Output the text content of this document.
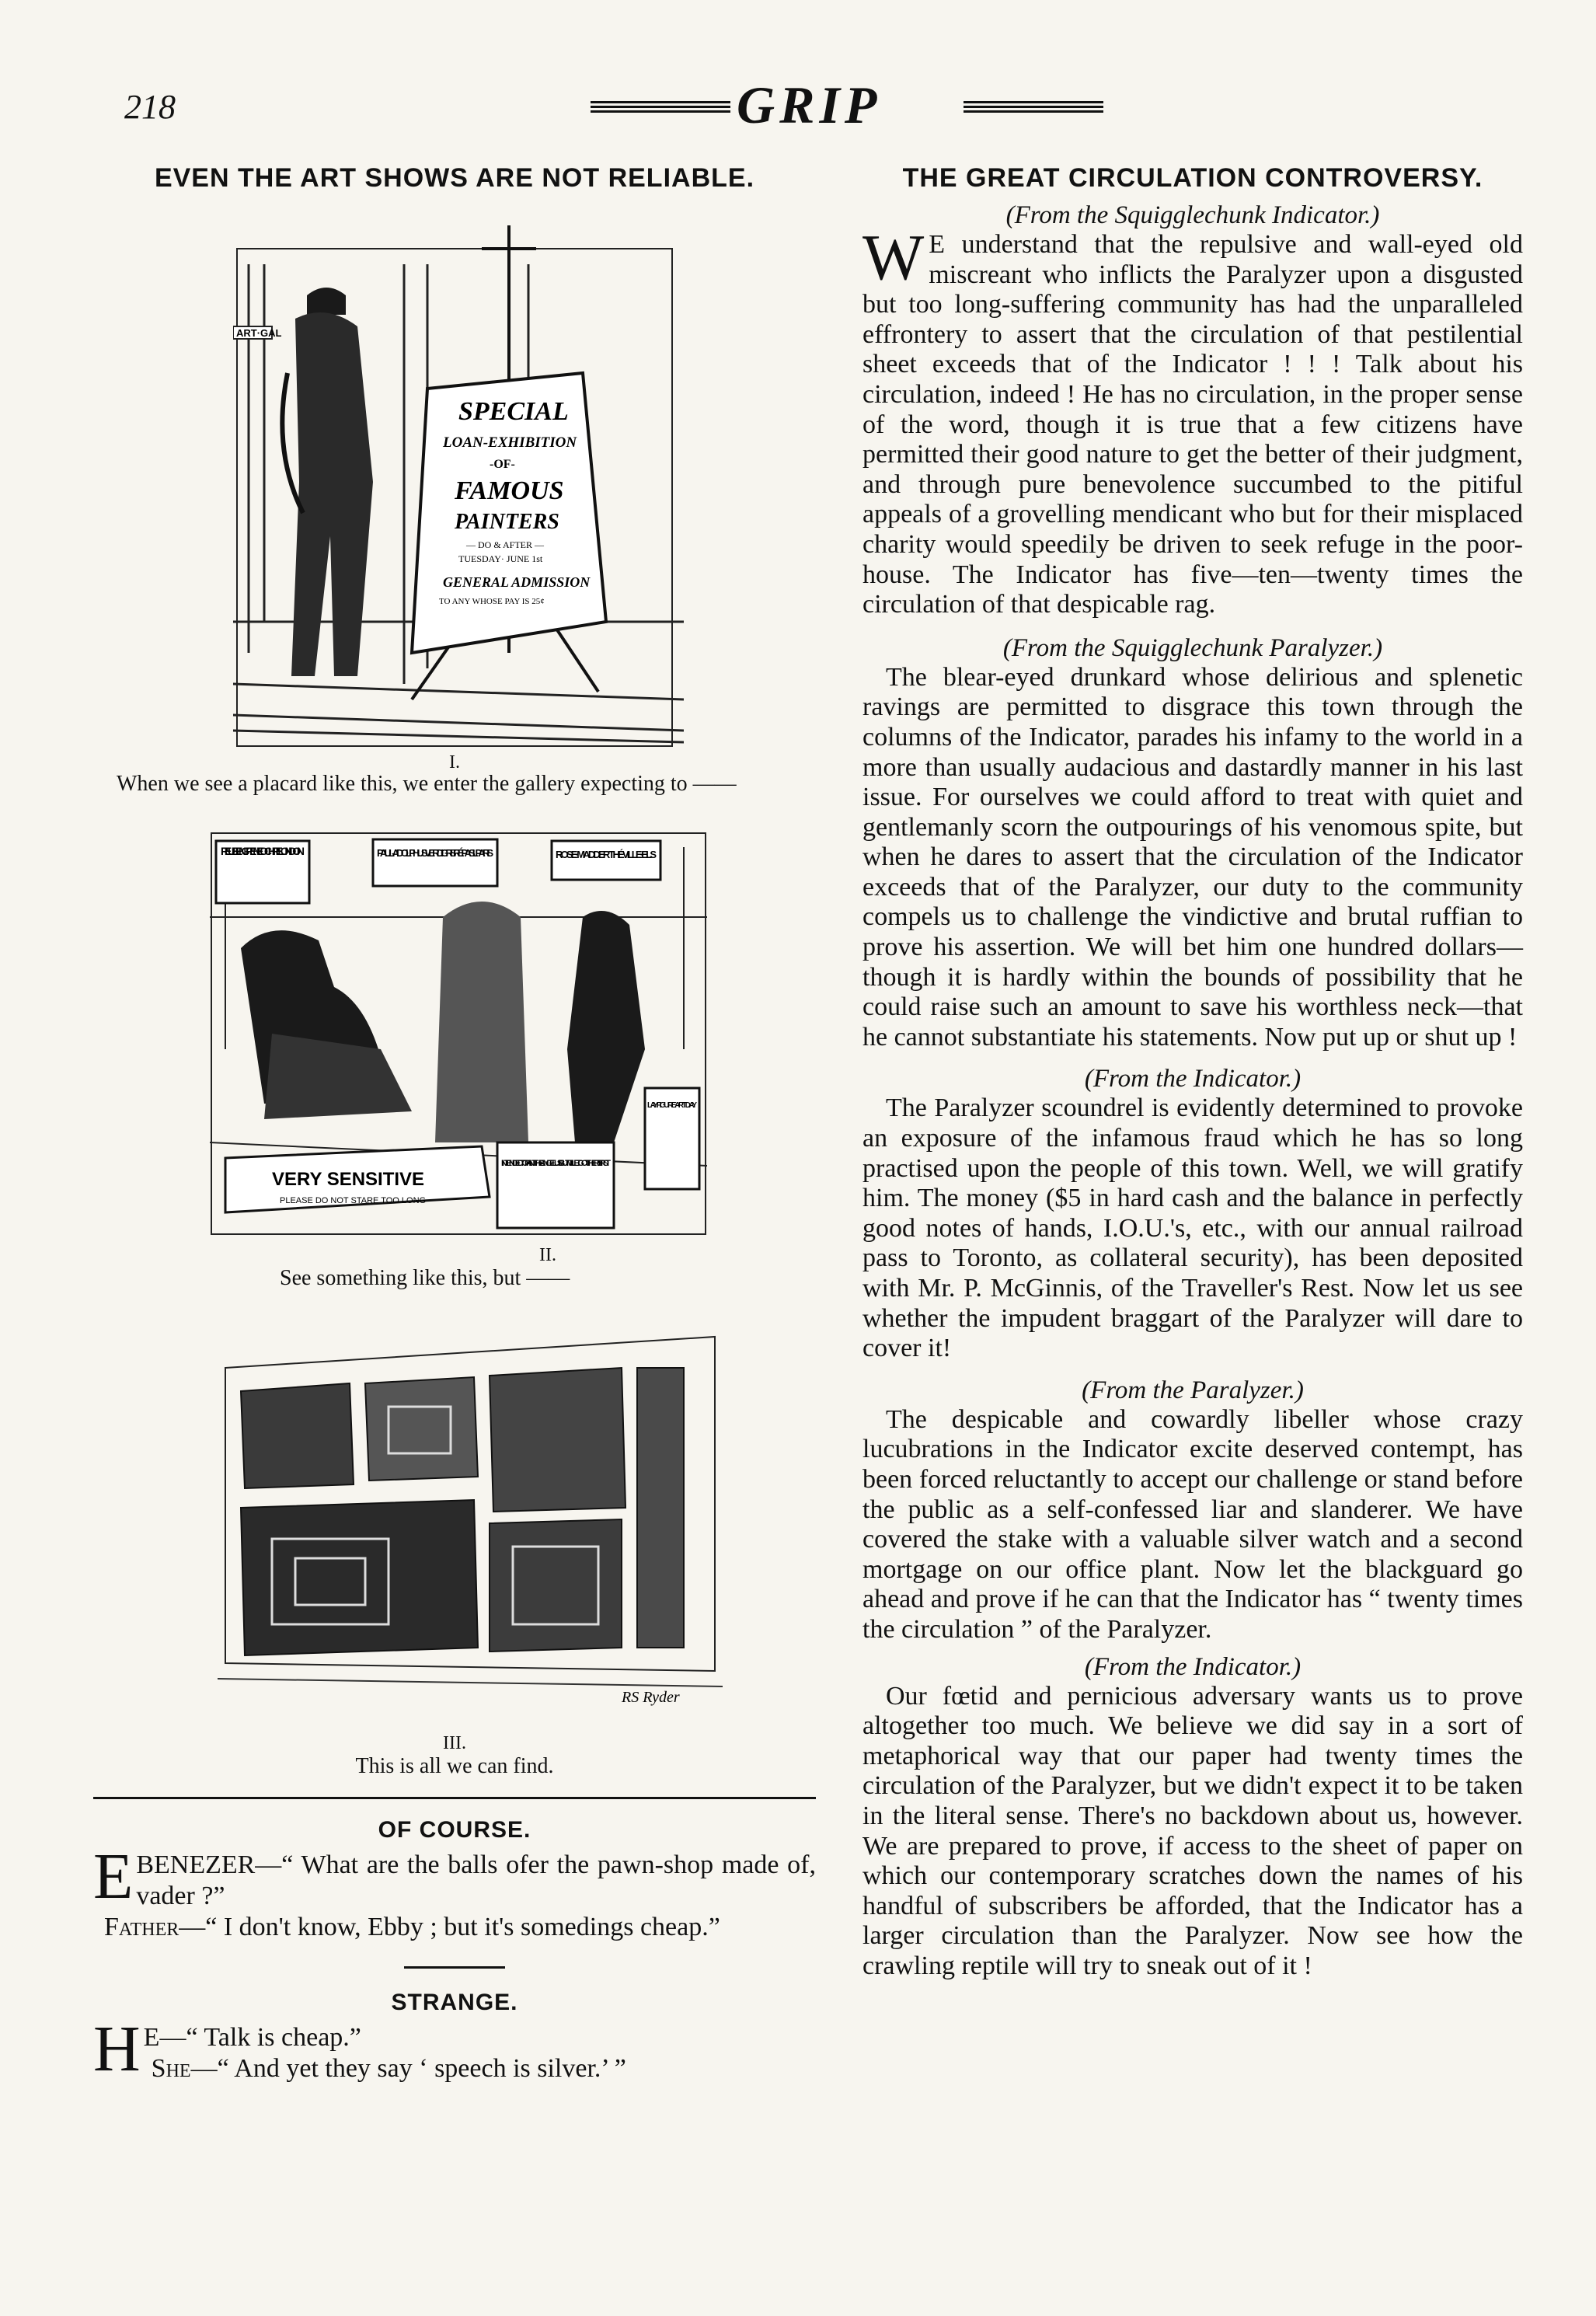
218	GRIP
EVEN THE ART SHOWS ARE NOT RELIABLE.
ART·GAL
SPECIAL
LOAN-EXHIBITION
-OF-
FAMOUS
PAINTERS
— DO & AFTER —
TUESDAY· JUNE 1st
GENERAL ADMISSION
TO ANY WHOSE PAY IS 25¢
I.
When we see a placard like this, we enter the gallery expecting to ——
REUBEN GRENEOCHRE LONDON	PAUL-ADOLPHIUS VERDIGRIS. RÉP ASL PARIS	ROSE·MADDER THÉVILLE·ELS
VERY SENSITIVE
PLEASE DO NOT STARE TOO LONG
INTENDED TO PAINT THE ANGELUS BUT MILLET GOT THERE FIRST
LAY FIGURE ART DAY
II.
See something like this, but ——
RS Ryder
III.
This is all we can find.
OF COURSE.
E BENEZER—“ What are the balls ofer the pawn-shop made of, vader ?”
Father—“ I don't know, Ebby ; but it's somedings cheap.”
STRANGE.
H E—“ Talk is cheap.”
She—“ And yet they say ‘ speech is silver.’ ”
THE GREAT CIRCULATION CONTROVERSY.

(From the Squigglechunk Indicator.)

W E understand that the repulsive and wall-eyed old miscreant who inflicts the Paralyzer upon a disgusted but too long-suffering community has had the unparalleled effrontery to assert that the circulation of that pestilential sheet exceeds that of the Indicator ! ! ! Talk about his circulation, indeed ! He has no circulation, in the proper sense of the word, though it is true that a few citizens have permitted their good nature to get the better of their judgment, and through pure benevolence succumbed to the pitiful appeals of a grovelling mendicant who but for their misplaced charity would speedily be driven to seek refuge in the poor-house. The Indicator has five—ten—twenty times the circulation of that despicable rag.

(From the Squigglechunk Paralyzer.)

The blear-eyed drunkard whose delirious and splenetic ravings are permitted to disgrace this town through the columns of the Indicator, parades his infamy to the world in a more than usually audacious and dastardly manner in his last issue. For ourselves we could afford to treat with quiet and gentlemanly scorn the outpourings of his venomous spite, but when he dares to assert that the circulation of the Indicator exceeds that of the Paralyzer, our duty to the community compels us to challenge the vindictive and brutal ruffian to prove his assertion. We will bet him one hundred dollars—though it is hardly within the bounds of possibility that he could raise such an amount to save his worthless neck—that he cannot substantiate his statements. Now put up or shut up !

(From the Indicator.)

The Paralyzer scoundrel is evidently determined to provoke an exposure of the infamous fraud which he has so long practised upon the people of this town. Well, we will gratify him. The money ($5 in hard cash and the balance in perfectly good notes of hands, I.O.U.'s, etc., with our annual railroad pass to Toronto, as collateral security), has been deposited with Mr. P. McGinnis, of the Traveller's Rest. Now let us see whether the impudent braggart of the Paralyzer will dare to cover it!

(From the Paralyzer.)

The despicable and cowardly libeller whose crazy lucubrations in the Indicator excite deserved contempt, has been forced reluctantly to accept our challenge or stand before the public as a self-confessed liar and slanderer. We have covered the stake with a valuable silver watch and a second mortgage on our office plant. Now let the blackguard go ahead and prove if he can that the Indicator has “ twenty times the circulation ” of the Paralyzer.

(From the Indicator.)

Our fœtid and pernicious adversary wants us to prove altogether too much. We believe we did say in a sort of metaphorical way that our paper had twenty times the circulation of the Paralyzer, but we didn't expect it to be taken in the literal sense. There's no backdown about us, however. We are prepared to prove, if access to the sheet of paper on which our contemporary scratches down the names of his handful of subscribers be afforded, that the Indicator has a larger circulation than the Paralyzer. Now see how the crawling reptile will try to sneak out of it !
